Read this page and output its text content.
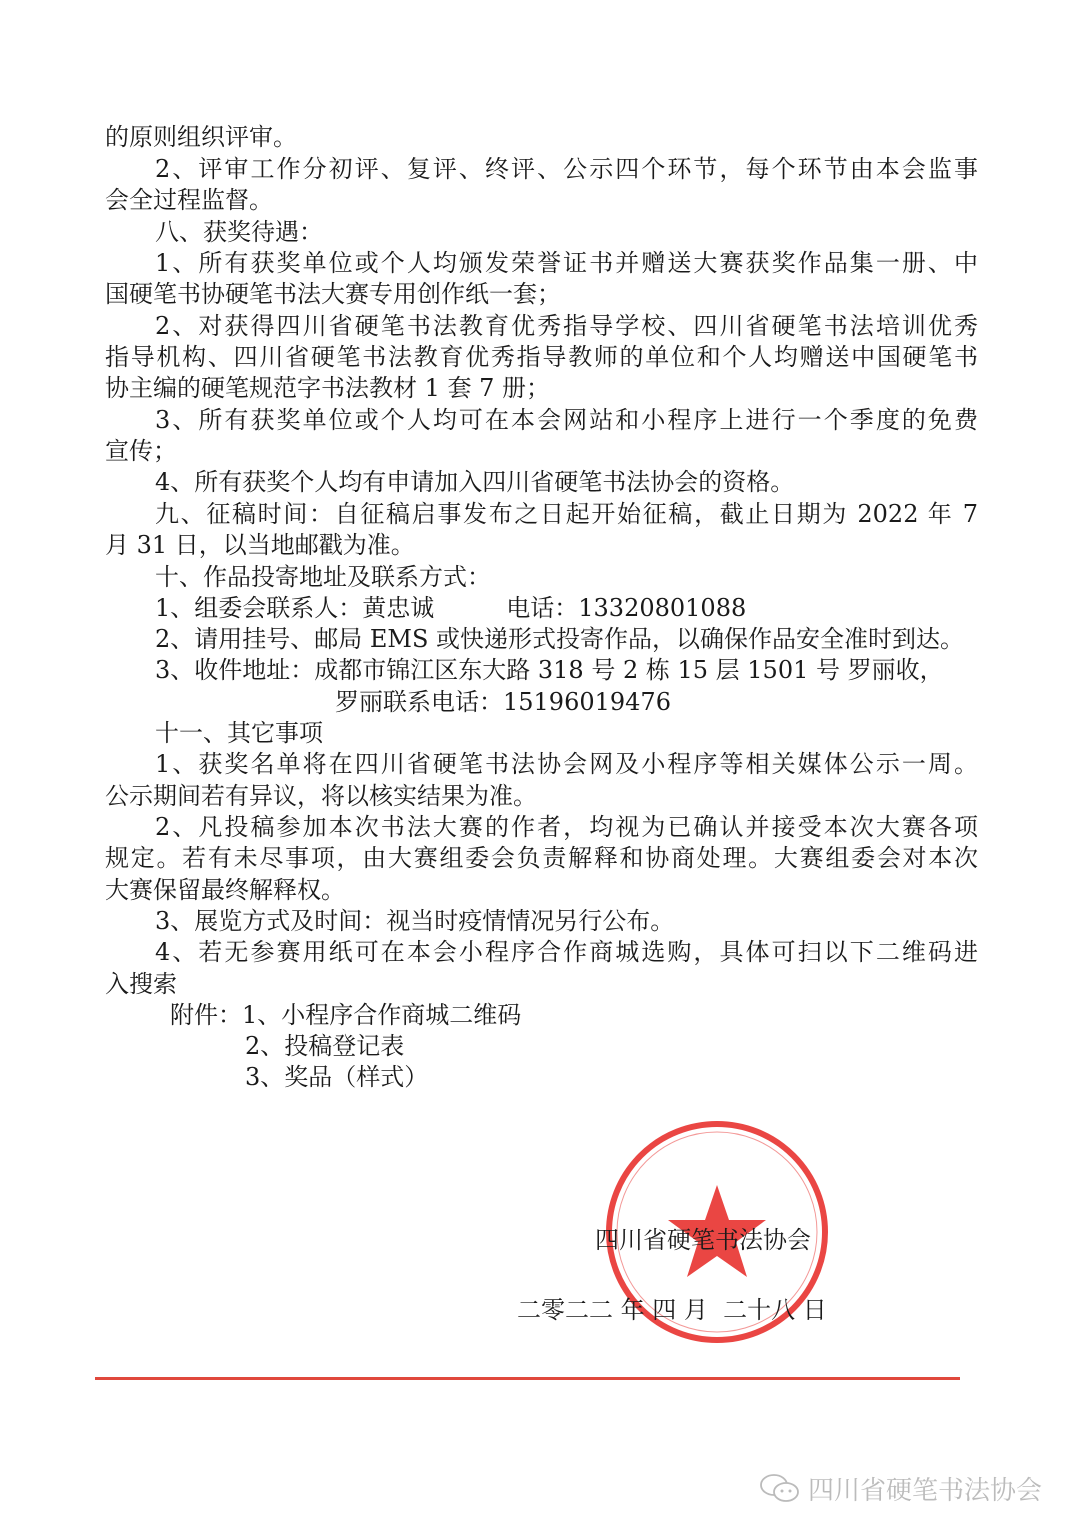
的原则组织评审。
2、评审工作分初评、复评、终评、公示四个环节，每个环节由本会监事
会全过程监督。
八、获奖待遇：
1、所有获奖单位或个人均颁发荣誉证书并赠送大赛获奖作品集一册、中
国硬笔书协硬笔书法大赛专用创作纸一套；
2、对获得四川省硬笔书法教育优秀指导学校、四川省硬笔书法培训优秀
指导机构、四川省硬笔书法教育优秀指导教师的单位和个人均赠送中国硬笔书
协主编的硬笔规范字书法教材 1 套 7 册；
3、所有获奖单位或个人均可在本会网站和小程序上进行一个季度的免费
宣传；
4、所有获奖个人均有申请加入四川省硬笔书法协会的资格。
九、征稿时间：自征稿启事发布之日起开始征稿，截止日期为 2022 年 7
月 31 日，以当地邮戳为准。
十、作品投寄地址及联系方式：
1、组委会联系人：黄忠诚　　　电话：13320801088
2、请用挂号、邮局 EMS 或快递形式投寄作品，以确保作品安全准时到达。
3、收件地址：成都市锦江区东大路 318 号 2 栋 15 层 1501 号 罗丽收，
罗丽联系电话：15196019476
十一、其它事项
1、获奖名单将在四川省硬笔书法协会网及小程序等相关媒体公示一周。
公示期间若有异议，将以核实结果为准。
2、凡投稿参加本次书法大赛的作者，均视为已确认并接受本次大赛各项
规定。若有未尽事项，由大赛组委会负责解释和协商处理。大赛组委会对本次
大赛保留最终解释权。
3、展览方式及时间：视当时疫情情况另行公布。
4、若无参赛用纸可在本会小程序合作商城选购，具体可扫以下二维码进
入搜索
附件：1、小程序合作商城二维码
2、投稿登记表
3、奖品（样式）
四川省硬笔书法协会
二零二二 年 四 月  二十八 日
四川省硬笔书法协会
